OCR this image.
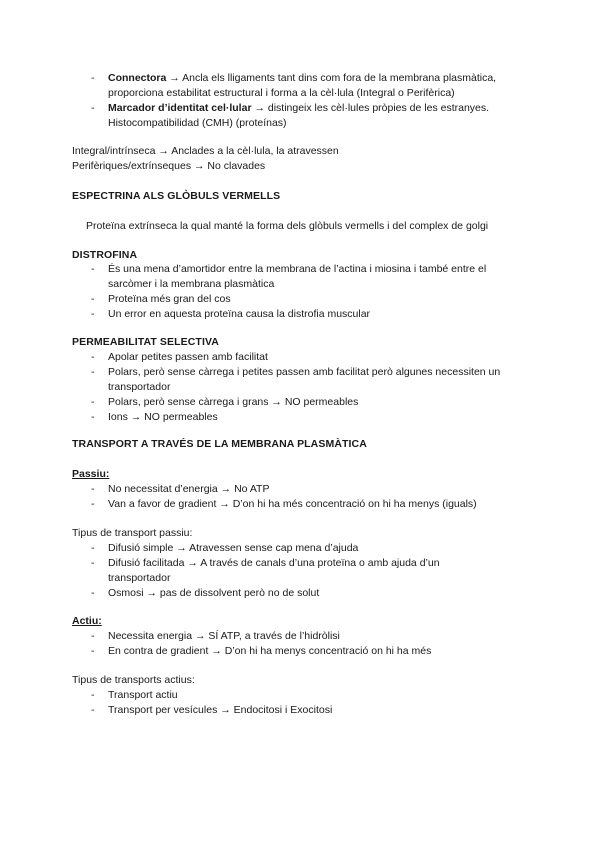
- Connectora → Ancla els lligaments tant dins com fora de la membrana plasmàtica,
proporciona estabilitat estructural i forma a la cèl·lula (Integral o Perifèrica)
- Marcador d’identitat cel·lular → distingeix les cèl·lules pròpies de les estranyes.
Histocompatibilidad (CMH) (proteínas)
Integral/intrínseca → Anclades a la cèl·lula, la atravessen
Perifèriques/extrínseques → No clavades
ESPECTRINA ALS GLÒBULS VERMELLS
Proteïna extrínseca la qual manté la forma dels glòbuls vermells i del complex de golgi
DISTROFINA
- És una mena d’amortidor entre la membrana de l’actina i miosina i també entre el
sarcòmer i la membrana plasmàtica
- Proteïna més gran del cos
- Un error en aquesta proteïna causa la distrofia muscular
PERMEABILITAT SELECTIVA
- Apolar petites passen amb facilitat
- Polars, però sense càrrega i petites passen amb facilitat però algunes necessiten un
transportador
- Polars, però sense càrrega i grans → NO permeables
- Ions → NO permeables
TRANSPORT A TRAVÉS DE LA MEMBRANA PLASMÀTICA
Passiu:
- No necessitat d’energia → No ATP
- Van a favor de gradient → D’on hi ha més concentració on hi ha menys (iguals)
Tipus de transport passiu:
- Difusió simple → Atravessen sense cap mena d’ajuda
- Difusió facilitada → A través de canals d’una proteïna o amb ajuda d’un
transportador
- Osmosi → pas de dissolvent però no de solut
Actiu:
- Necessita energia → SÍ ATP, a través de l’hidròlisi
- En contra de gradient → D’on hi ha menys concentració on hi ha més
Tipus de transports actius:
- Transport actiu
- Transport per vesícules → Endocitosi i Exocitosi
